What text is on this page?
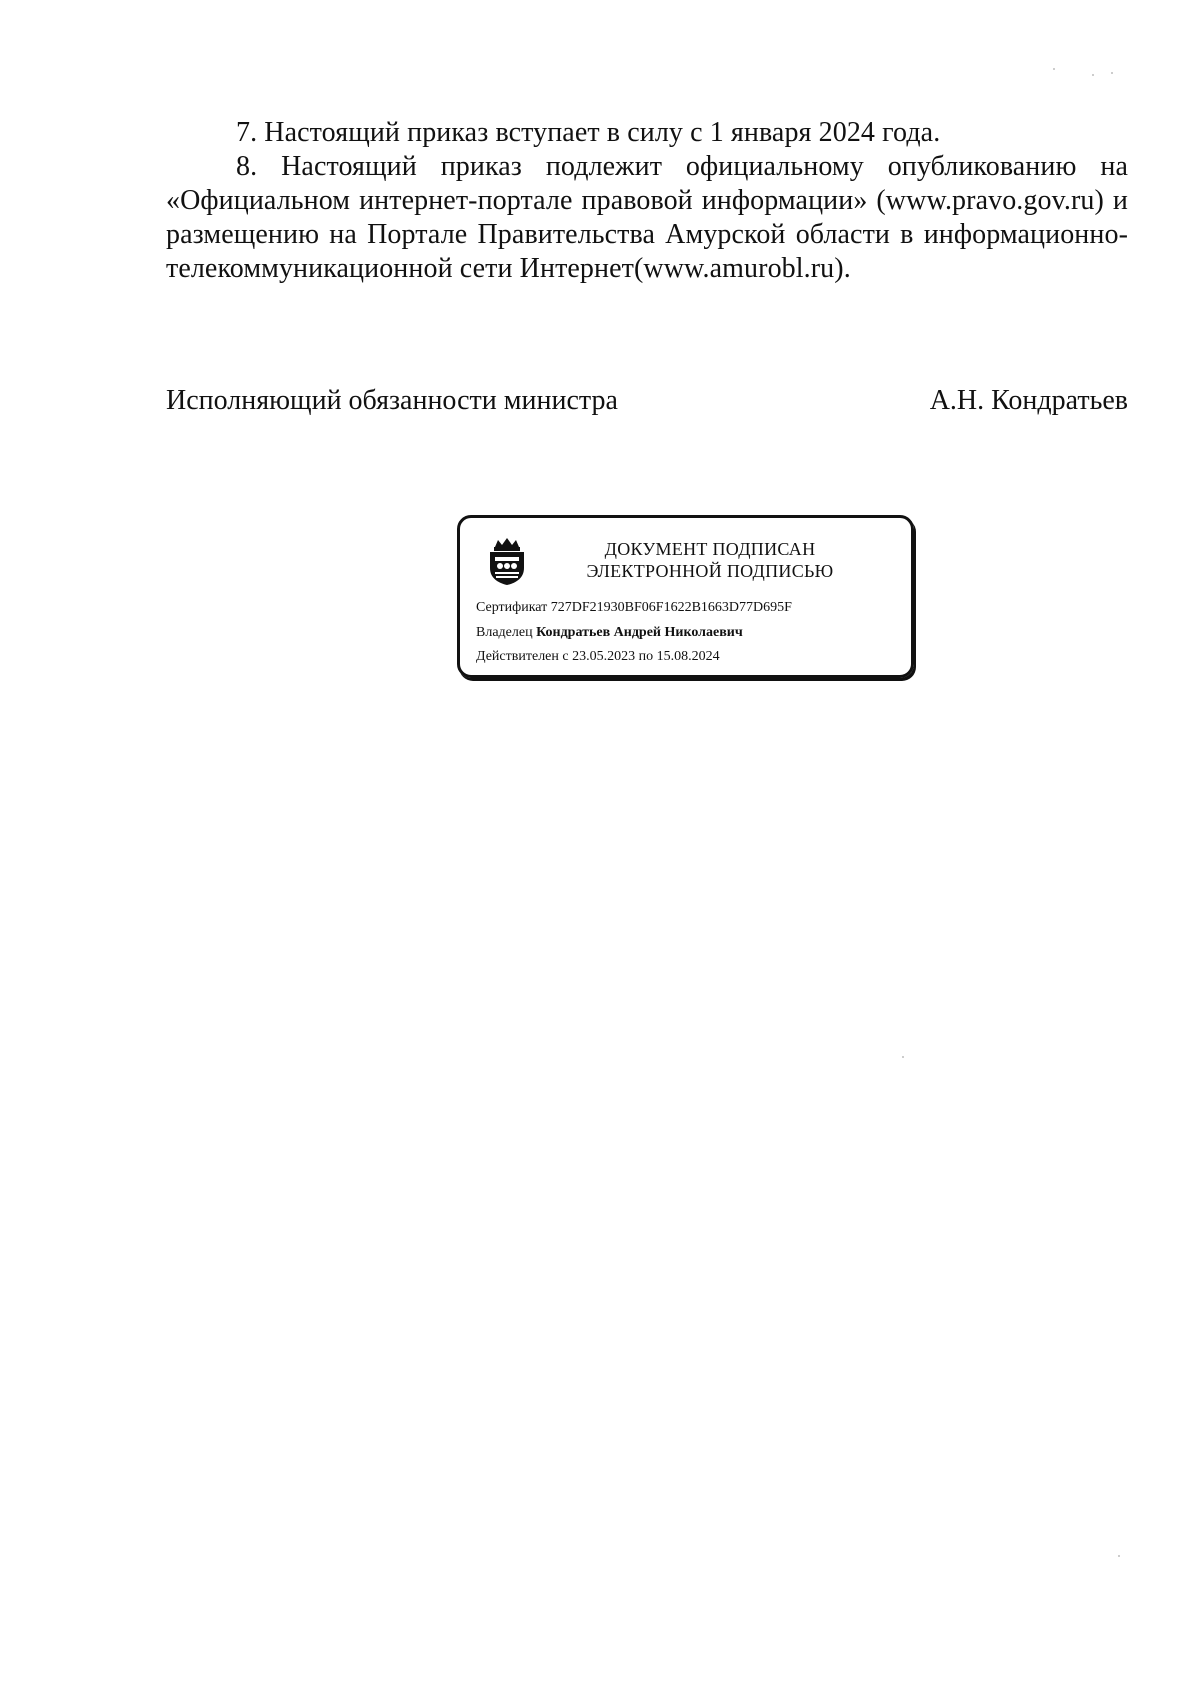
7. Настоящий приказ вступает в силу с 1 января 2024 года.

8. Настоящий приказ подлежит официальному опубликованию на «Официальном интернет-портале правовой информации» (www.pravo.gov.ru) и размещению на Портале Правительства Амурской области в информационно-телекоммуникационной сети Интернет(www.amurobl.ru).

Исполняющий обязанности министра	А.Н. Кондратьев
ДОКУМЕНТ ПОДПИСАН
ЭЛЕКТРОННОЙ ПОДПИСЬЮ
Сертификат 727DF21930BF06F1622B1663D77D695F
Владелец Кондратьев Андрей Николаевич
Действителен с 23.05.2023 по 15.08.2024
